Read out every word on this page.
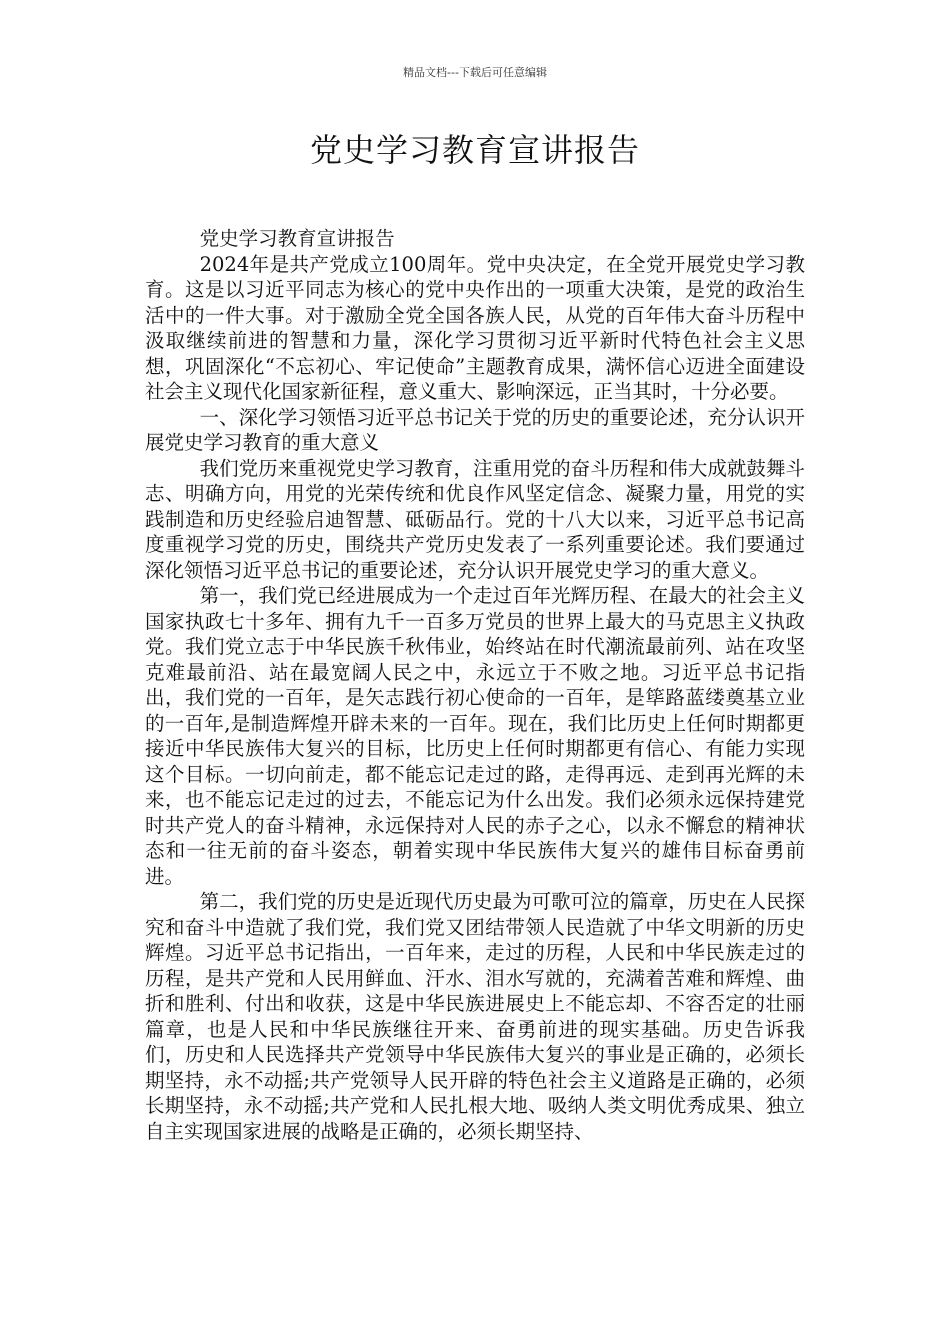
精品文档---下载后可任意编辑
党史学习教育宣讲报告

党史学习教育宣讲报告

2024年是共产党成立100周年。党中央决定，在全党开展党史学习教育。这是以习近平同志为核心的党中央作出的一项重大决策，是党的政治生活中的一件大事。对于激励全党全国各族人民，从党的百年伟大奋斗历程中汲取继续前进的智慧和力量，深化学习贯彻习近平新时代特色社会主义思想，巩固深化“不忘初心、牢记使命”主题教育成果，满怀信心迈进全面建设社会主义现代化国家新征程，意义重大、影响深远，正当其时，十分必要。

一、深化学习领悟习近平总书记关于党的历史的重要论述，充分认识开展党史学习教育的重大意义

我们党历来重视党史学习教育，注重用党的奋斗历程和伟大成就鼓舞斗志、明确方向，用党的光荣传统和优良作风坚定信念、凝聚力量，用党的实践制造和历史经验启迪智慧、砥砺品行。党的十八大以来，习近平总书记高度重视学习党的历史，围绕共产党历史发表了一系列重要论述。我们要通过深化领悟习近平总书记的重要论述，充分认识开展党史学习的重大意义。

第一，我们党已经进展成为一个走过百年光辉历程、在最大的社会主义国家执政七十多年、拥有九千一百多万党员的世界上最大的马克思主义执政党。我们党立志于中华民族千秋伟业，始终站在时代潮流最前列、站在攻坚克难最前沿、站在最宽阔人民之中，永远立于不败之地。习近平总书记指出，我们党的一百年，是矢志践行初心使命的一百年，是筚路蓝缕奠基立业的一百年,是制造辉煌开辟未来的一百年。现在，我们比历史上任何时期都更接近中华民族伟大复兴的目标，比历史上任何时期都更有信心、有能力实现这个目标。一切向前走，都不能忘记走过的路，走得再远、走到再光辉的未来，也不能忘记走过的过去，不能忘记为什么出发。我们必须永远保持建党时共产党人的奋斗精神，永远保持对人民的赤子之心，以永不懈怠的精神状态和一往无前的奋斗姿态，朝着实现中华民族伟大复兴的雄伟目标奋勇前进。

第二，我们党的历史是近现代历史最为可歌可泣的篇章，历史在人民探究和奋斗中造就了我们党，我们党又团结带领人民造就了中华文明新的历史辉煌。习近平总书记指出，一百年来，走过的历程，人民和中华民族走过的历程，是共产党和人民用鲜血、汗水、泪水写就的，充满着苦难和辉煌、曲折和胜利、付出和收获，这是中华民族进展史上不能忘却、不容否定的壮丽篇章，也是人民和中华民族继往开来、奋勇前进的现实基础。历史告诉我们，历史和人民选择共产党领导中华民族伟大复兴的事业是正确的，必须长期坚持，永不动摇;共产党领导人民开辟的特色社会主义道路是正确的，必须长期坚持，永不动摇;共产党和人民扎根大地、吸纳人类文明优秀成果、独立自主实现国家进展的战略是正确的，必须长期坚持、
